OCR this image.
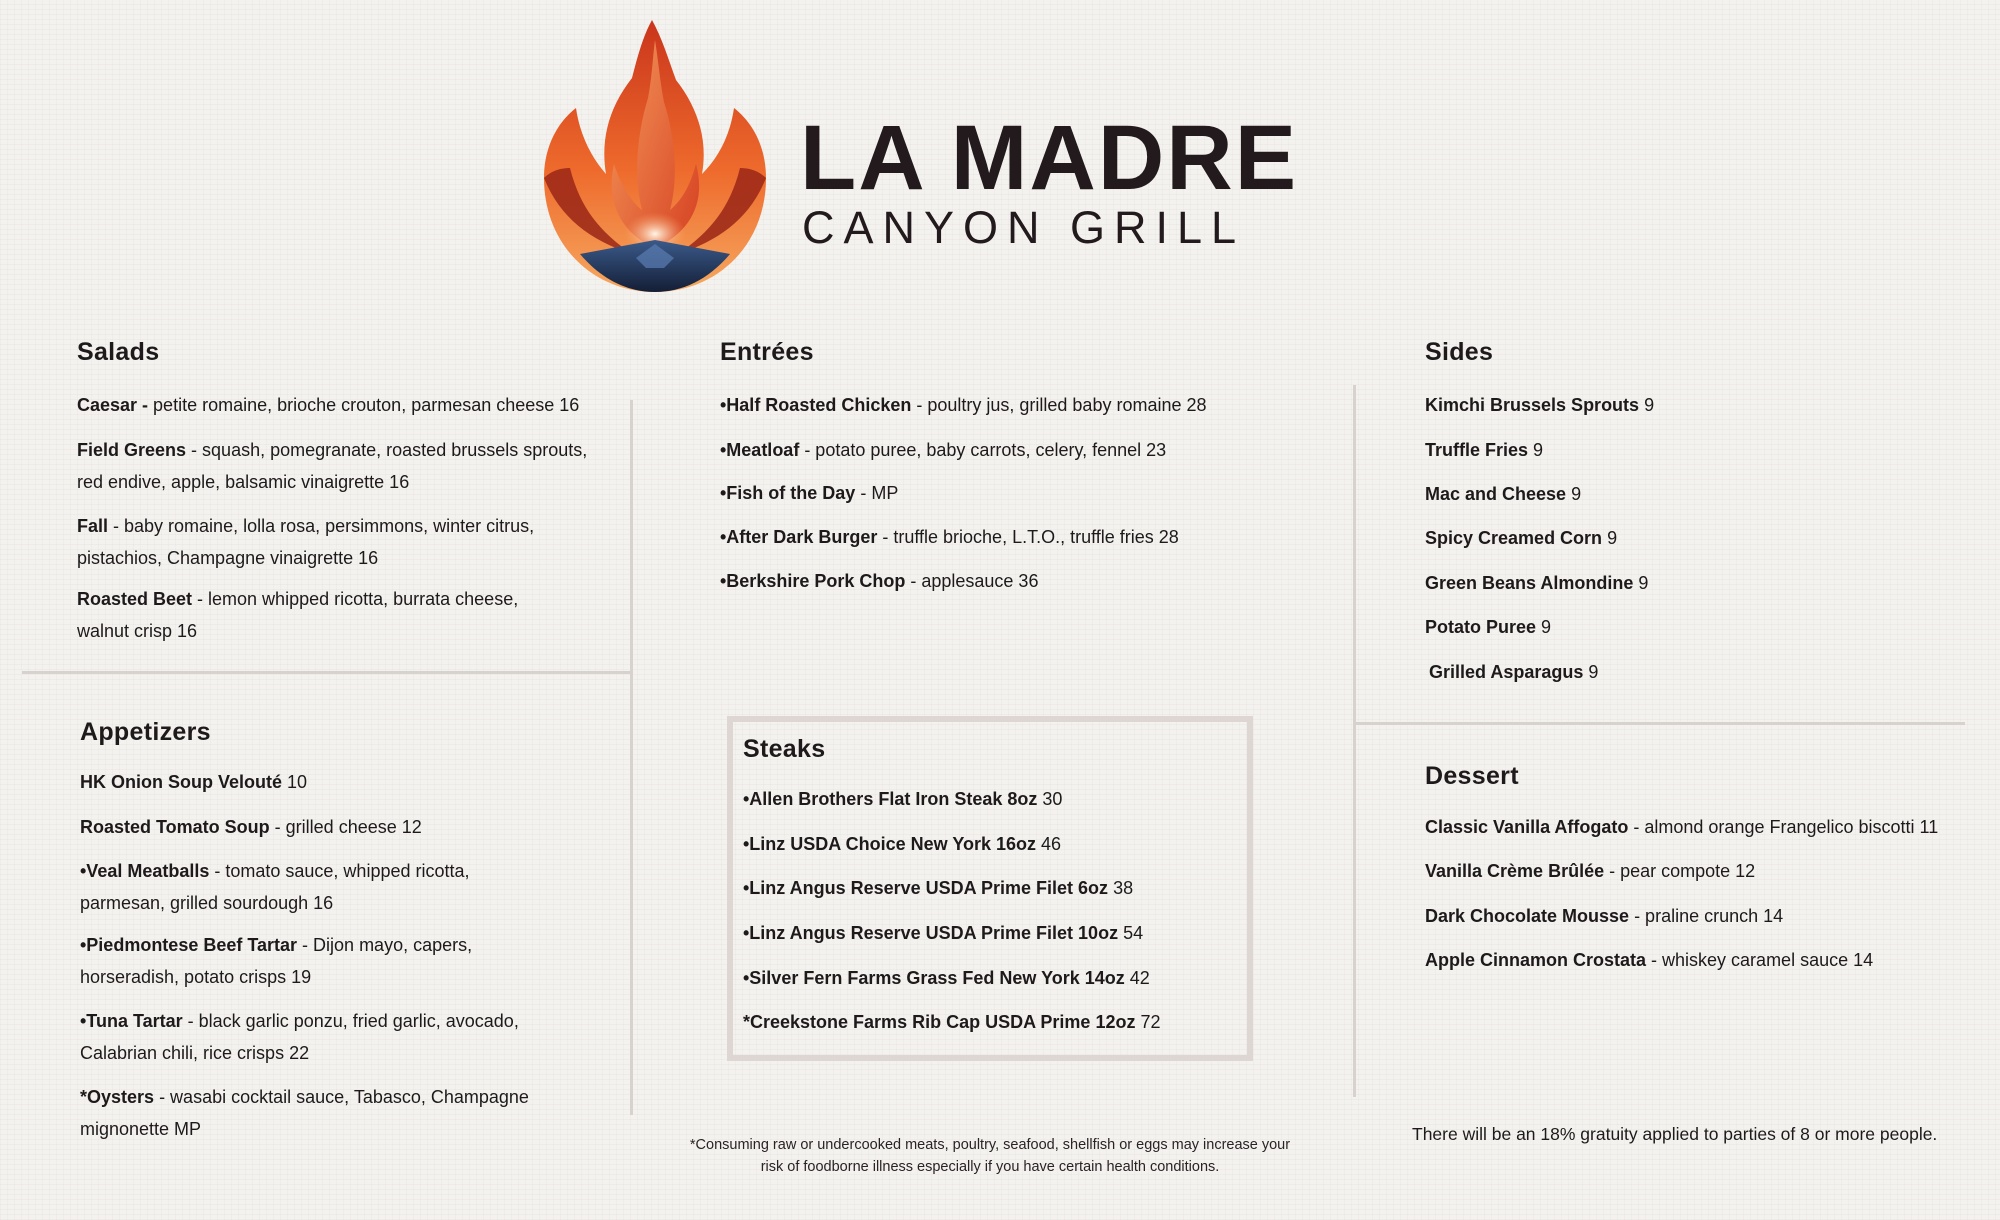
LA MADRE
CANYON GRILL
Salads
Caesar - petite romaine, brioche crouton, parmesan cheese 16
Field Greens - squash, pomegranate, roasted brussels sprouts,
red endive, apple, balsamic vinaigrette 16
Fall - baby romaine, lolla rosa, persimmons, winter citrus,
pistachios, Champagne vinaigrette 16
Roasted Beet - lemon whipped ricotta, burrata cheese,
walnut crisp 16
Appetizers
HK Onion Soup Velouté 10
Roasted Tomato Soup - grilled cheese 12
•Veal Meatballs - tomato sauce, whipped ricotta,
parmesan, grilled sourdough 16
•Piedmontese Beef Tartar - Dijon mayo, capers,
horseradish, potato crisps 19
•Tuna Tartar - black garlic ponzu, fried garlic, avocado,
Calabrian chili, rice crisps 22
*Oysters - wasabi cocktail sauce, Tabasco, Champagne
mignonette MP
Entrées
•Half Roasted Chicken - poultry jus, grilled baby romaine 28
•Meatloaf - potato puree, baby carrots, celery, fennel 23
•Fish of the Day - MP
•After Dark Burger - truffle brioche, L.T.O., truffle fries 28
•Berkshire Pork Chop - applesauce 36
Steaks
•Allen Brothers Flat Iron Steak 8oz 30
•Linz USDA Choice New York 16oz 46
•Linz Angus Reserve USDA Prime Filet 6oz 38
•Linz Angus Reserve USDA Prime Filet 10oz 54
•Silver Fern Farms Grass Fed New York 14oz 42
*Creekstone Farms Rib Cap USDA Prime 12oz 72
Sides
Kimchi Brussels Sprouts 9
Truffle Fries 9
Mac and Cheese 9
Spicy Creamed Corn 9
Green Beans Almondine 9
Potato Puree 9
Grilled Asparagus 9
Dessert
Classic Vanilla Affogato - almond orange Frangelico biscotti 11
Vanilla Crème Brûlée - pear compote 12
Dark Chocolate Mousse - praline crunch 14
Apple Cinnamon Crostata - whiskey caramel sauce 14
*Consuming raw or undercooked meats, poultry, seafood, shellfish or eggs may increase your
risk of foodborne illness especially if you have certain health conditions.
There will be an 18% gratuity applied to parties of 8 or more people.
